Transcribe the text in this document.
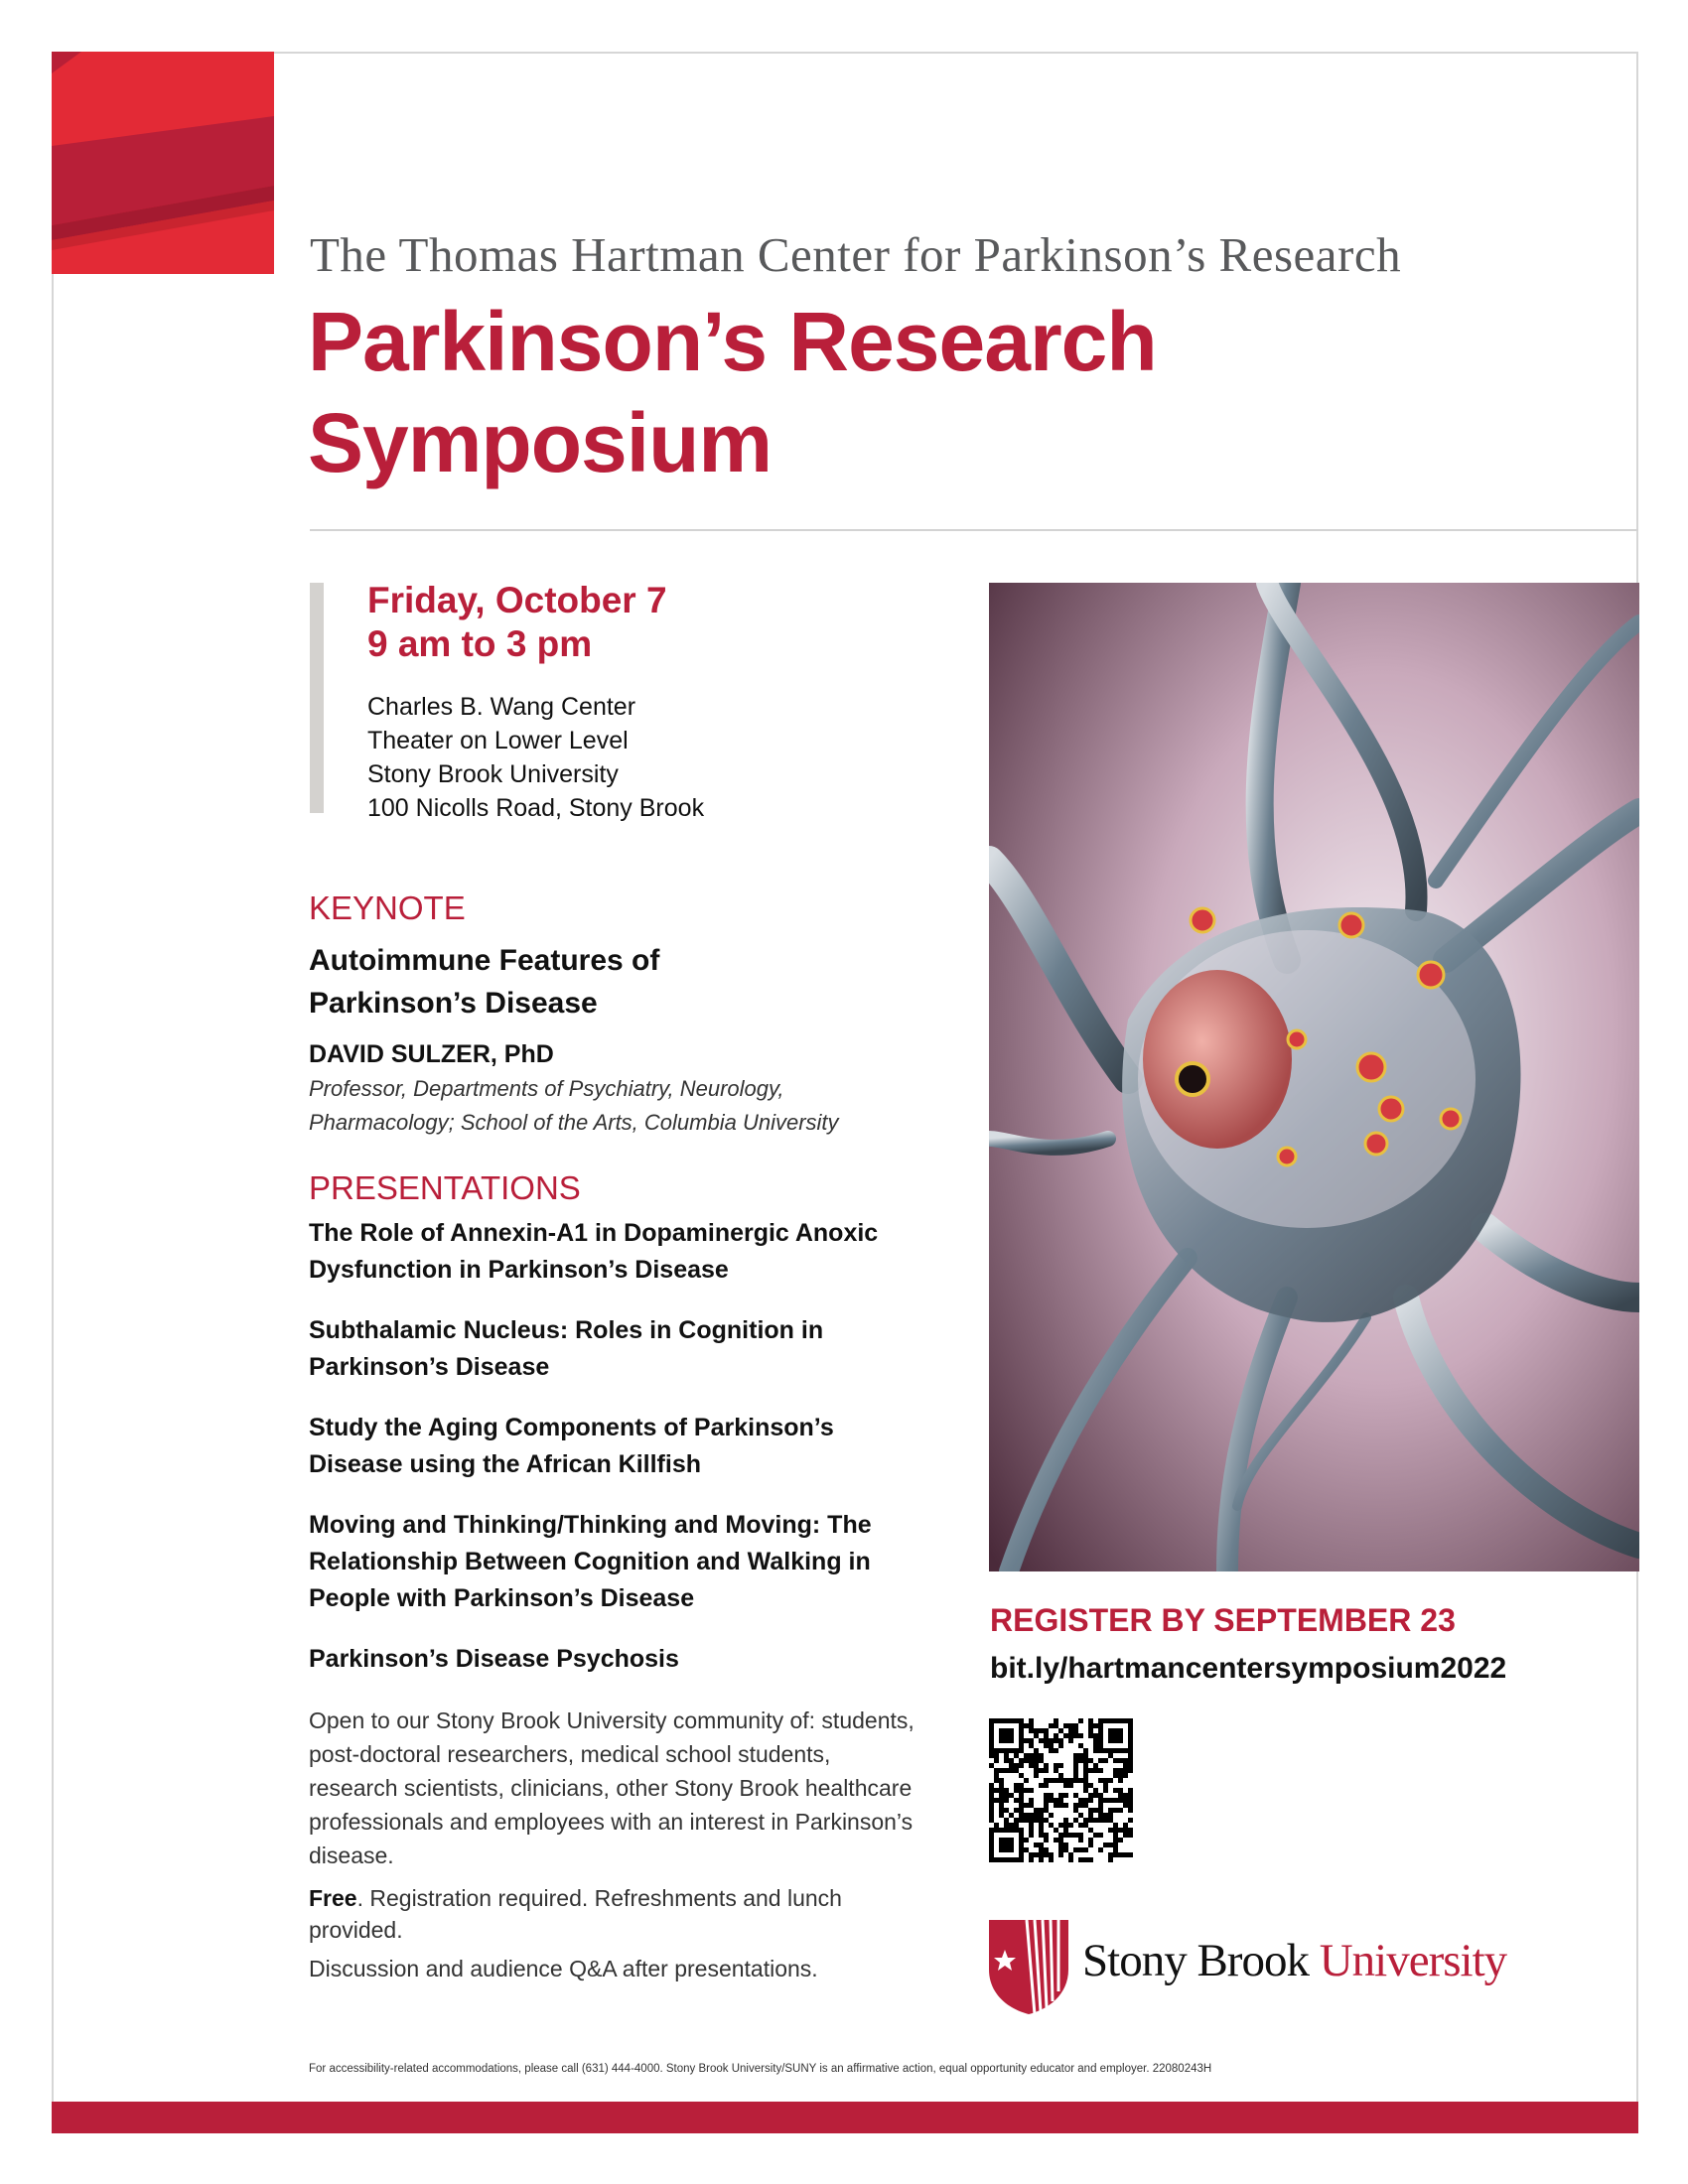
The Thomas Hartman Center for Parkinson’s Research
Parkinson’s Research
Symposium
Friday, October 7
9 am to 3 pm
Charles B. Wang Center
Theater on Lower Level
Stony Brook University
100 Nicolls Road, Stony Brook
KEYNOTE
Autoimmune Features of
Parkinson’s Disease
DAVID SULZER, PhD
Professor, Departments of Psychiatry, Neurology,
Pharmacology; School of the Arts, Columbia University
PRESENTATIONS
The Role of Annexin-A1 in Dopaminergic Anoxic Dysfunction in Parkinson’s Disease
Subthalamic Nucleus: Roles in Cognition in Parkinson’s Disease
Study the Aging Components of Parkinson’s Disease using the African Killfish
Moving and Thinking/Thinking and Moving: The Relationship Between Cognition and Walking in People with Parkinson’s Disease
Parkinson’s Disease Psychosis
Open to our Stony Brook University community of: students, post-doctoral researchers, medical school students, research scientists, clinicians, other Stony Brook healthcare professionals and employees with an interest in Parkinson’s disease.
Free. Registration required. Refreshments and lunch provided.
Discussion and audience Q&A after presentations.
REGISTER BY SEPTEMBER 23
bit.ly/hartmancentersymposium2022
Stony Brook University
For accessibility-related accommodations, please call (631) 444-4000. Stony Brook University/SUNY is an affirmative action, equal opportunity educator and employer. 22080243H
